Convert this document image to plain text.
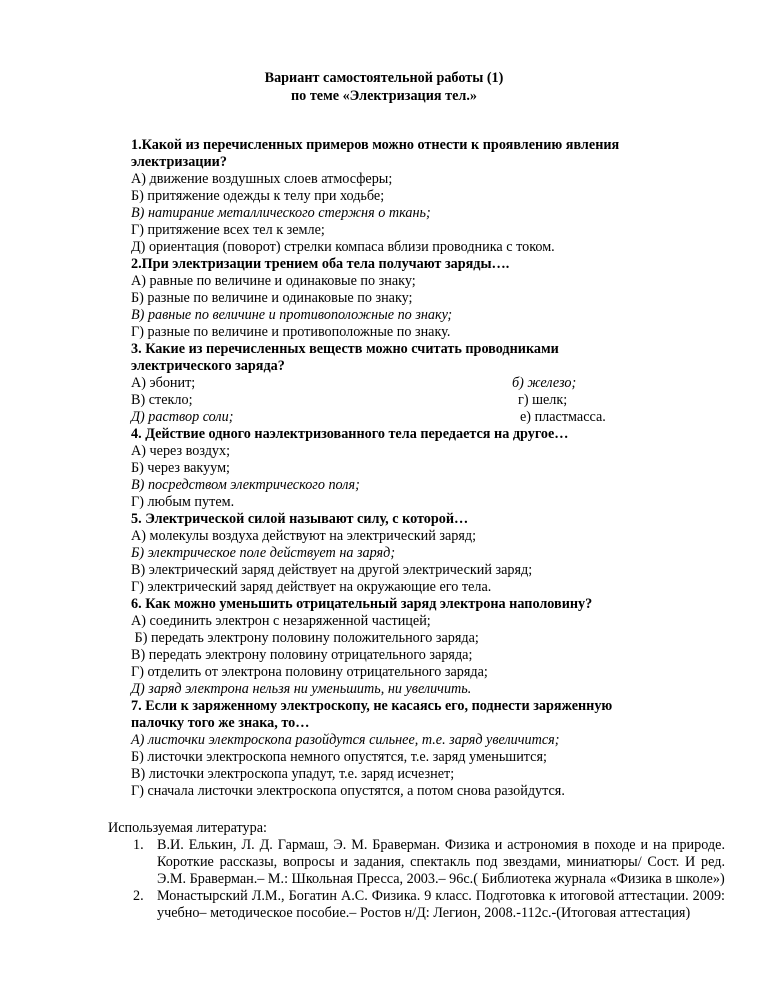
Вариант самостоятельной работы (1)
по теме «Электризация тел.»
1.Какой из перечисленных примеров можно отнести к проявлению явления
электризации?
А) движение воздушных слоев атмосферы;
Б) притяжение одежды к телу при ходьбе;
В) натирание металлического стержня о ткань;
Г) притяжение всех тел к земле;
Д) ориентация (поворот) стрелки компаса вблизи проводника с током.
2.При электризации трением оба тела получают заряды….
А) равные по величине и одинаковые по знаку;
Б) разные по величине и одинаковые по знаку;
В) равные по величине и противоположные по знаку;
Г) разные по величине и противоположные по знаку.
3. Какие из перечисленных веществ можно считать проводниками
электрического заряда?
А) эбонит;	б) железо;
В) стекло;	г) шелк;
Д) раствор соли;	е) пластмасса.
4. Действие одного наэлектризованного тела передается на другое…
А) через воздух;
Б) через вакуум;
В) посредством электрического поля;
Г) любым путем.
5. Электрической силой называют силу, с которой…
А) молекулы воздуха действуют на электрический заряд;
Б) электрическое поле действует на заряд;
В) электрический заряд действует на другой электрический заряд;
Г) электрический заряд действует на окружающие его тела.
6. Как можно уменьшить отрицательный заряд электрона наполовину?
А) соединить электрон с незаряженной частицей;
Б) передать электрону половину положительного заряда;
В) передать электрону половину отрицательного заряда;
Г) отделить от электрона половину отрицательного заряда;
Д) заряд электрона нельзя ни уменьшить, ни увеличить.
7. Если к заряженному электроскопу, не касаясь его, поднести заряженную
палочку того же знака, то…
А) листочки электроскопа разойдутся сильнее, т.е. заряд увеличится;
Б) листочки электроскопа немного опустятся, т.е. заряд уменьшится;
В) листочки электроскопа упадут, т.е. заряд исчезнет;
Г) сначала листочки электроскопа опустятся, а потом снова разойдутся.
Используемая литература:
1. В.И. Елькин, Л. Д. Гармаш, Э. М. Браверман. Физика и астрономия в походе и на природе. Короткие рассказы, вопросы и задания, спектакль под звездами, миниатюры/ Сост. И ред. Э.М. Браверман.– М.: Школьная Пресса, 2003.– 96с.( Библиотека журнала «Физика в школе»)
2. Монастырский Л.М., Богатин А.С. Физика. 9 класс. Подготовка к итоговой аттестации. 2009: учебно– методическое пособие.– Ростов н/Д: Легион, 2008.-112с.-(Итоговая аттестация)
